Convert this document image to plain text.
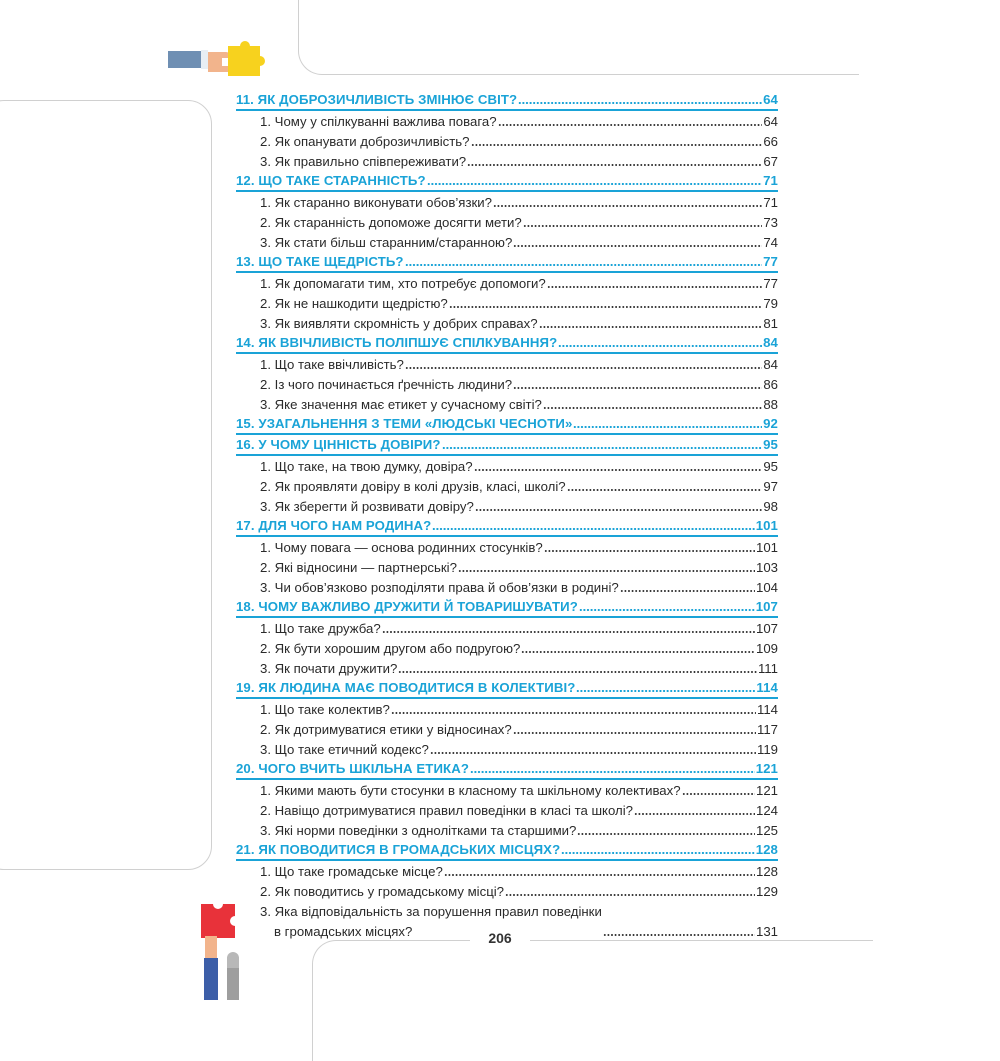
11. ЯК ДОБРОЗИЧЛИВІСТЬ ЗМІНЮЄ СВІТ?	64
1. Чому у спілкуванні важлива повага?	64
2. Як опанувати доброзичливість?	66
3. Як правильно співпереживати?	67
12. ЩО ТАКЕ СТАРАННІСТЬ?	71
1. Як старанно виконувати обов’язки?	71
2. Як старанність допоможе досягти мети?	73
3. Як стати більш старанним/старанною?	74
13. ЩО ТАКЕ ЩЕДРІСТЬ?	77
1. Як допомагати тим, хто потребує допомоги?	77
2. Як не нашкодити щедрістю?	79
3. Як виявляти скромність у добрих справах?	81
14. ЯК ВВІЧЛИВІСТЬ ПОЛІПШУЄ СПІЛКУВАННЯ?	84
1. Що таке ввічливість?	84
2. Із чого починається ґречність людини?	86
3. Яке значення має етикет у сучасному світі?	88
15. УЗАГАЛЬНЕННЯ З ТЕМИ «ЛЮДСЬКІ ЧЕСНОТИ»	92
16. У ЧОМУ ЦІННІСТЬ ДОВІРИ?	95
1. Що таке, на твою думку, довіра?	95
2. Як проявляти довіру в колі друзів, класі, школі?	97
3. Як зберегти й розвивати довіру?	98
17. ДЛЯ ЧОГО НАМ РОДИНА?	101
1. Чому повага — основа родинних стосунків?	101
2. Які відносини — партнерські?	103
3. Чи обов’язково розподіляти права й обов’язки в родині?	104
18. ЧОМУ ВАЖЛИВО ДРУЖИТИ Й ТОВАРИШУВАТИ?	107
1. Що таке дружба?	107
2. Як бути хорошим другом або подругою?	109
3. Як почати дружити?	111
19. ЯК ЛЮДИНА МАЄ ПОВОДИТИСЯ В КОЛЕКТИВІ?	114
1. Що таке колектив?	114
2. Як дотримуватися етики у відносинах?	117
3. Що таке етичний кодекс?	119
20. ЧОГО ВЧИТЬ ШКІЛЬНА ЕТИКА?	121
1. Якими мають бути стосунки в класному та шкільному колективах?	121
2. Навіщо дотримуватися правил поведінки в класі та школі?	124
3. Які норми поведінки з однолітками та старшими?	125
21. ЯК ПОВОДИТИСЯ В ГРОМАДСЬКИХ МІСЦЯХ?	128
1. Що таке громадське місце?	128
2. Як поводитись у громадському місці?	129
3. Яка відповідальність за порушення правил поведінки
в громадських місцях?	131
206
